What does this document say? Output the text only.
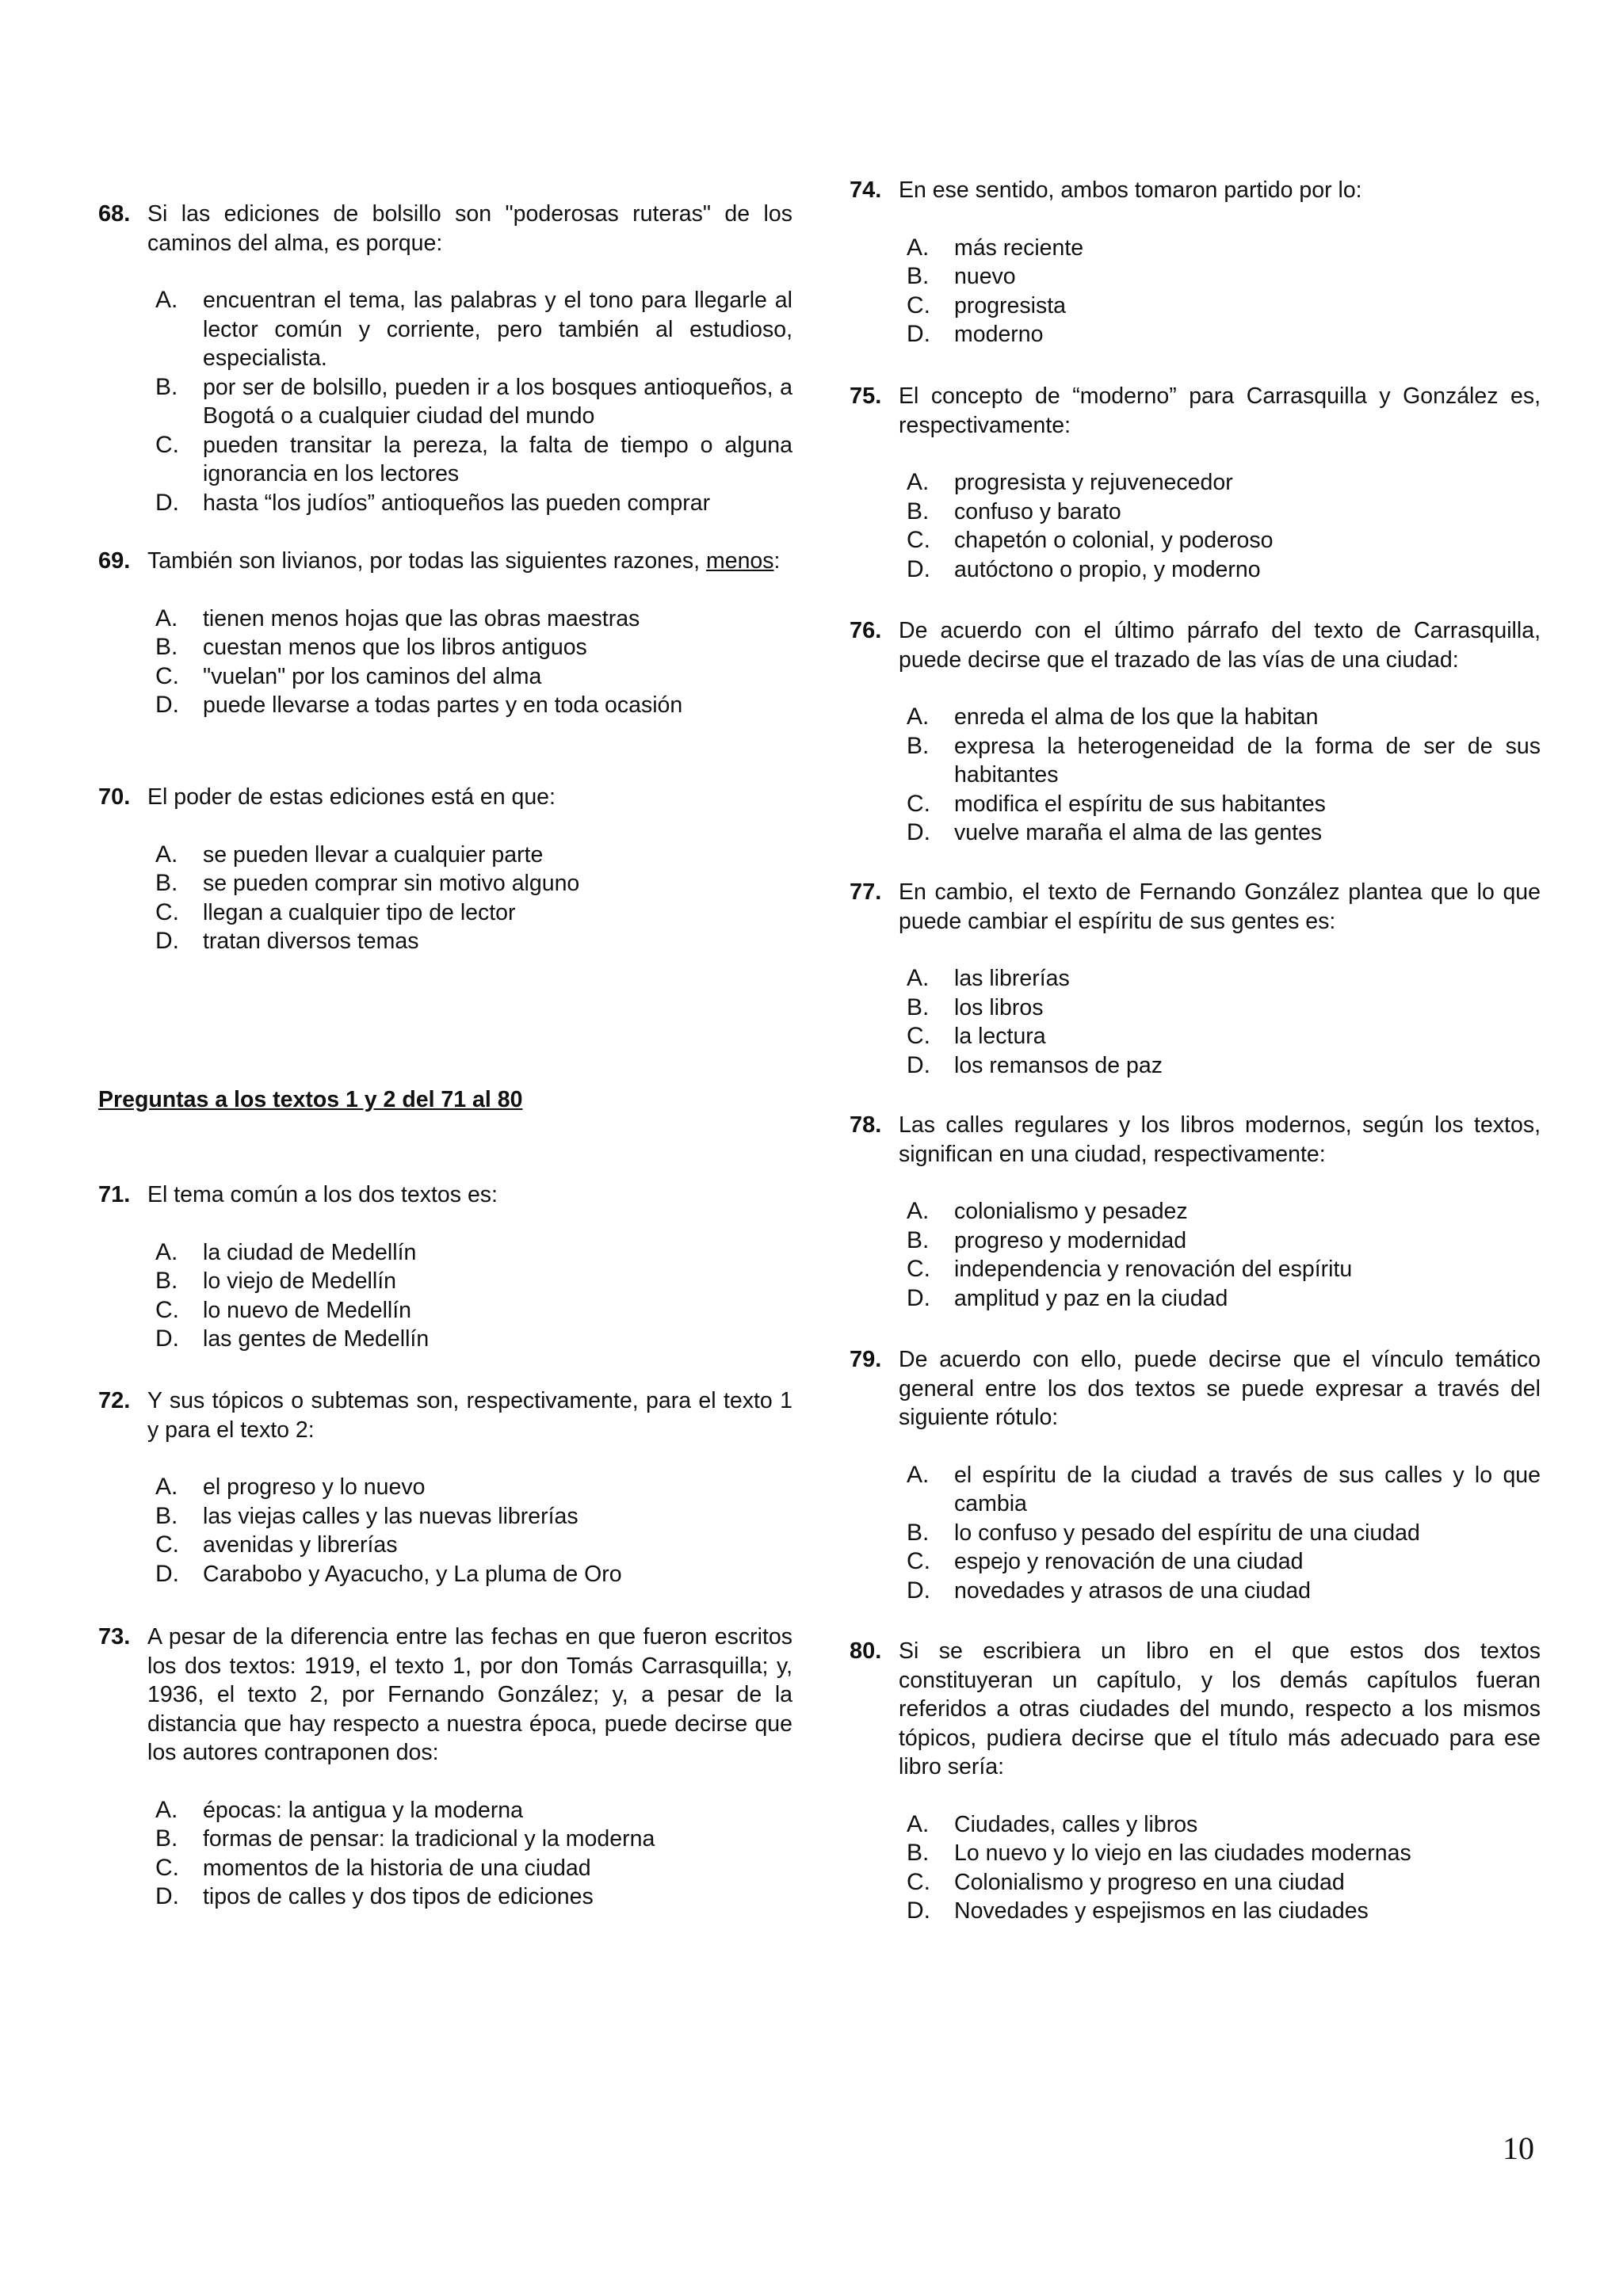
68. Si las ediciones de bolsillo son "poderosas ruteras" de los caminos del alma, es porque:
A.	encuentran el tema, las palabras y el tono para llegarle al lector común y corriente, pero también al estudioso, especialista.
B.	por ser de bolsillo, pueden ir a los bosques antioqueños, a Bogotá o a cualquier ciudad del mundo
C.	pueden transitar la pereza, la falta de tiempo o alguna ignorancia en los lectores
D.	hasta “los judíos” antioqueños las pueden comprar
69. También son livianos, por todas las siguientes razones, menos:
A.	tienen menos hojas que las obras maestras
B.	cuestan menos que los libros antiguos
C.	"vuelan" por los caminos del alma
D.	puede llevarse a todas partes y en toda ocasión
70. El poder de estas ediciones está en que:
A.	se pueden llevar a cualquier parte
B.	se pueden comprar sin motivo alguno
C.	llegan a cualquier tipo de lector
D.	tratan diversos temas
71. El tema común a los dos textos es:
A.	la ciudad de Medellín
B.	lo viejo de Medellín
C.	lo nuevo de Medellín
D.	las gentes de Medellín
72. Y sus tópicos o subtemas son, respectivamente, para el texto 1 y para el texto 2:
A.	el progreso y lo nuevo
B.	las viejas calles y las nuevas librerías
C.	avenidas y librerías
D.	Carabobo y Ayacucho, y La pluma de Oro
73. A pesar de la diferencia entre las fechas en que fueron escritos los dos textos: 1919, el texto 1, por don Tomás Carrasquilla; y, 1936, el texto 2, por Fernando González; y, a pesar de la distancia que hay respecto a nuestra época, puede decirse que los autores contraponen dos:
A.	épocas: la antigua y la moderna
B.	formas de pensar: la tradicional y la moderna
C.	momentos de la historia de una ciudad
D.	tipos de calles y dos tipos de ediciones
74. En ese sentido, ambos tomaron partido por lo:
A.	más reciente
B.	nuevo
C.	progresista
D.	moderno
75. El concepto de “moderno” para Carrasquilla y González es, respectivamente:
A.	progresista y rejuvenecedor
B.	confuso y barato
C.	chapetón o colonial, y poderoso
D.	autóctono o propio, y moderno
76. De acuerdo con el último párrafo del texto de Carrasquilla, puede decirse que el trazado de las vías de una ciudad:
A.	enreda el alma de los que la habitan
B.	expresa la heterogeneidad de la forma de ser de sus habitantes
C.	modifica el espíritu de sus habitantes
D.	vuelve maraña el alma de las gentes
77. En cambio, el texto de Fernando González plantea que lo que puede cambiar el espíritu de sus gentes es:
A.	las librerías
B.	los libros
C.	la lectura
D.	los remansos de paz
78. Las calles regulares y los libros modernos, según los textos, significan en una ciudad, respectivamente:
A.	colonialismo y pesadez
B.	progreso y modernidad
C.	independencia y renovación del espíritu
D.	amplitud y paz en la ciudad
79. De acuerdo con ello, puede decirse que el vínculo temático general entre los dos textos se puede expresar a través del siguiente rótulo:
A.	el espíritu de la ciudad a través de sus calles y lo que cambia
B.	lo confuso y pesado del espíritu de una ciudad
C.	espejo y renovación de una ciudad
D.	novedades y atrasos de una ciudad
80. Si se escribiera un libro en el que estos dos textos constituyeran un capítulo, y los demás capítulos fueran referidos a otras ciudades del mundo, respecto a los mismos tópicos, pudiera decirse que el título más adecuado para ese libro sería:
A.	Ciudades, calles y libros
B.	Lo nuevo y lo viejo en las ciudades modernas
C.	Colonialismo y progreso en una ciudad
D.	Novedades y espejismos en las ciudades
Preguntas a los textos 1 y 2 del 71 al 80
10
